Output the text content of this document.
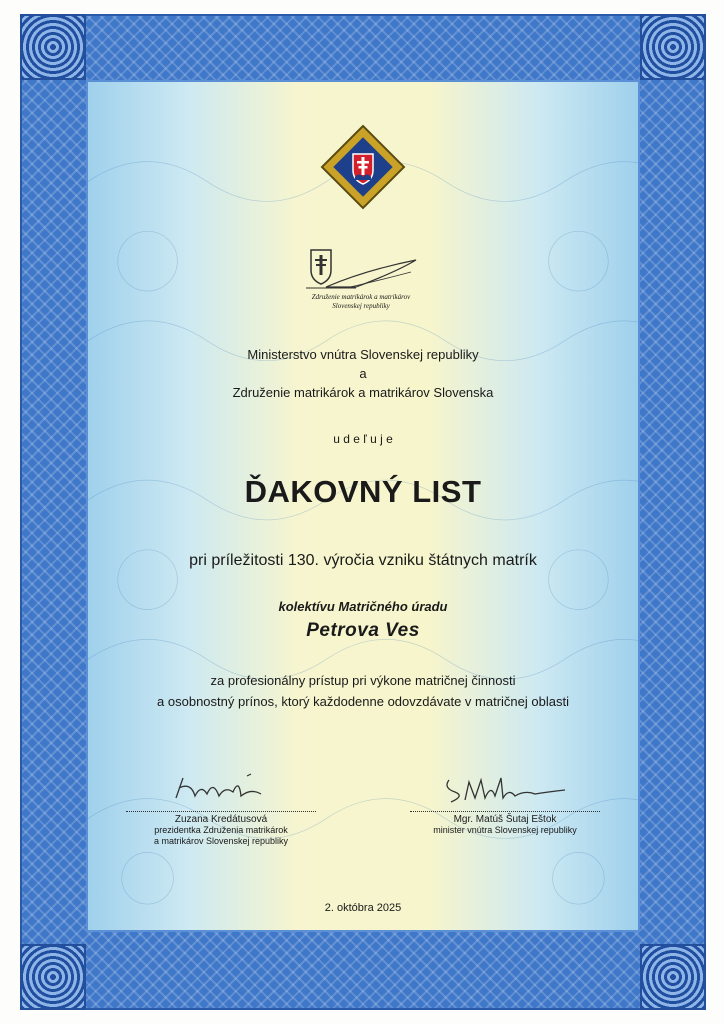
Združenie matrikárok a matrikárov
Slovenskej republiky
Ministerstvo vnútra Slovenskej republiky
a
Združenie matrikárok a matrikárov Slovenska
u d e ľ u j e
ĎAKOVNÝ LIST
pri príležitosti 130. výročia vzniku štátnych matrík
kolektívu Matričného úradu
Petrova Ves
za profesionálny prístup pri výkone matričnej činnosti
a osobnostný prínos, ktorý každodenne odovzdávate v matričnej oblasti
Zuzana Kredátusová
prezidentka Združenia matrikárok
a matrikárov Slovenskej republiky
Mgr. Matúš Šutaj Eštok
minister vnútra Slovenskej republiky
2. októbra 2025
